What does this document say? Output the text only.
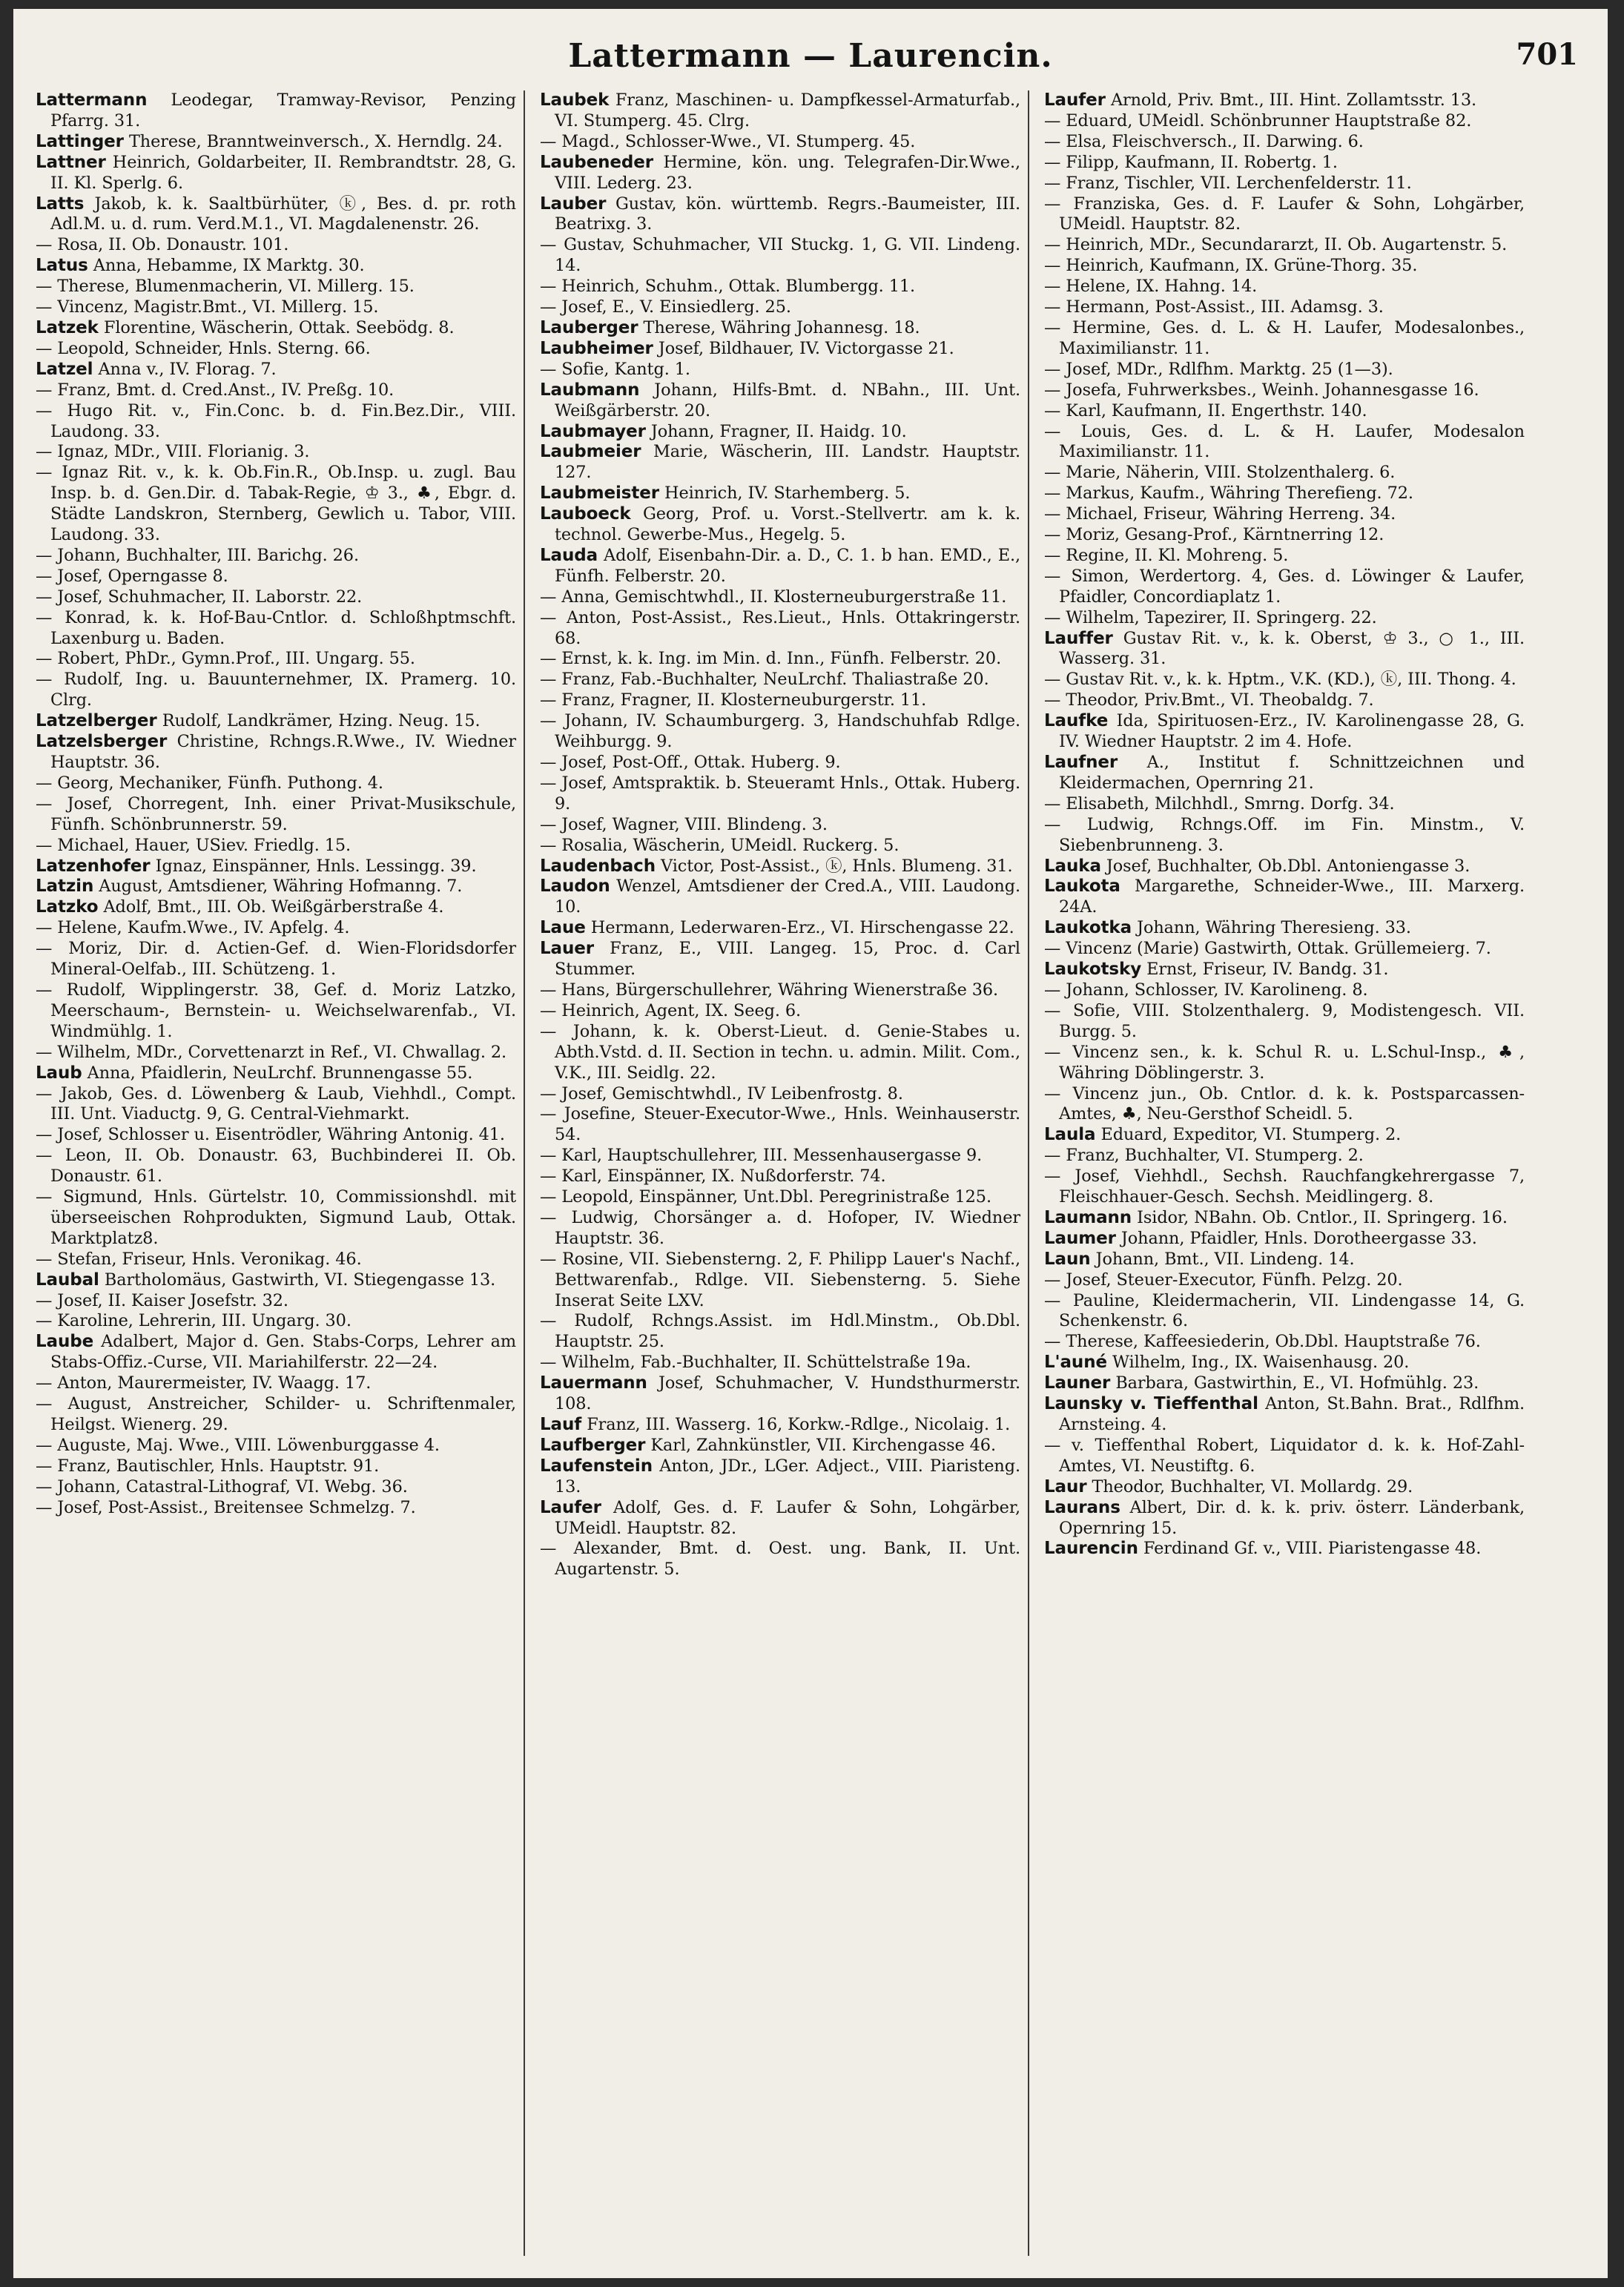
Lattermann — Laurencin.	701

Lattermann Leodegar, Tramway-Revisor, Penzing Pfarrg. 31.

Lattinger Therese, Branntweinversch., X. Herndlg. 24.

Lattner Heinrich, Goldarbeiter, II. Rembrandtstr. 28, G. II. Kl. Sperlg. 6.

Latts Jakob, k. k. Saaltbürhüter, ⓚ, Bes. d. pr. roth Adl.M. u. d. rum. Verd.M.1., VI. Magdalenenstr. 26.

— Rosa, II. Ob. Donaustr. 101.

Latus Anna, Hebamme, IX Marktg. 30.

— Therese, Blumenmacherin, VI. Millerg. 15.

— Vincenz, Magistr.Bmt., VI. Millerg. 15.

Latzek Florentine, Wäscherin, Ottak. Seebödg. 8.

— Leopold, Schneider, Hnls. Sterng. 66.

Latzel Anna v., IV. Florag. 7.

— Franz, Bmt. d. Cred.Anst., IV. Preßg. 10.

— Hugo Rit. v., Fin.Conc. b. d. Fin.Bez.Dir., VIII. Laudong. 33.

— Ignaz, MDr., VIII. Florianig. 3.

— Ignaz Rit. v., k. k. Ob.Fin.R., Ob.Insp. u. zugl. Bau Insp. b. d. Gen.Dir. d. Tabak-Regie, ♔ 3., ♣, Ebgr. d. Städte Landskron, Sternberg, Gewlich u. Tabor, VIII. Laudong. 33.

— Johann, Buchhalter, III. Barichg. 26.

— Josef, Operngasse 8.

— Josef, Schuhmacher, II. Laborstr. 22.

— Konrad, k. k. Hof-Bau-Cntlor. d. Schloßhptmschft. Laxenburg u. Baden.

— Robert, PhDr., Gymn.Prof., III. Ungarg. 55.

— Rudolf, Ing. u. Bauunternehmer, IX. Pramerg. 10. Clrg.

Latzelberger Rudolf, Landkrämer, Hzing. Neug. 15.

Latzelsberger Christine, Rchngs.R.Wwe., IV. Wiedner Hauptstr. 36.

— Georg, Mechaniker, Fünfh. Puthong. 4.

— Josef, Chorregent, Inh. einer Privat-Musikschule, Fünfh. Schönbrunnerstr. 59.

— Michael, Hauer, USiev. Friedlg. 15.

Latzenhofer Ignaz, Einspänner, Hnls. Lessingg. 39.

Latzin August, Amtsdiener, Währing Hofmanng. 7.

Latzko Adolf, Bmt., III. Ob. Weißgärberstraße 4.

— Helene, Kaufm.Wwe., IV. Apfelg. 4.

— Moriz, Dir. d. Actien-Gef. d. Wien-Floridsdorfer Mineral-Oelfab., III. Schützeng. 1.

— Rudolf, Wipplingerstr. 38, Gef. d. Moriz Latzko, Meerschaum-, Bernstein- u. Weichselwarenfab., VI. Windmühlg. 1.

— Wilhelm, MDr., Corvettenarzt in Ref., VI. Chwallag. 2.

Laub Anna, Pfaidlerin, NeuLrchf. Brunnengasse 55.

— Jakob, Ges. d. Löwenberg & Laub, Viehhdl., Compt. III. Unt. Viaductg. 9, G. Central-Viehmarkt.

— Josef, Schlosser u. Eisentrödler, Währing Antonig. 41.

— Leon, II. Ob. Donaustr. 63, Buchbinderei II. Ob. Donaustr. 61.

— Sigmund, Hnls. Gürtelstr. 10, Commissionshdl. mit überseeischen Rohprodukten, Sigmund Laub, Ottak. Marktplatz8.

— Stefan, Friseur, Hnls. Veronikag. 46.

Laubal Bartholomäus, Gastwirth, VI. Stiegengasse 13.

— Josef, II. Kaiser Josefstr. 32.

— Karoline, Lehrerin, III. Ungarg. 30.

Laube Adalbert, Major d. Gen. Stabs-Corps, Lehrer am Stabs-Offiz.-Curse, VII. Mariahilferstr. 22—24.

— Anton, Maurermeister, IV. Waagg. 17.

— August, Anstreicher, Schilder- u. Schriftenmaler, Heilgst. Wienerg. 29.

— Auguste, Maj. Wwe., VIII. Löwenburggasse 4.

— Franz, Bautischler, Hnls. Hauptstr. 91.

— Johann, Catastral-Lithograf, VI. Webg. 36.

— Josef, Post-Assist., Breitensee Schmelzg. 7.

Laubek Franz, Maschinen- u. Dampfkessel-Armaturfab., VI. Stumperg. 45. Clrg.

— Magd., Schlosser-Wwe., VI. Stumperg. 45.

Laubeneder Hermine, kön. ung. Telegrafen-Dir.Wwe., VIII. Lederg. 23.

Lauber Gustav, kön. württemb. Regrs.-Baumeister, III. Beatrixg. 3.

— Gustav, Schuhmacher, VII Stuckg. 1, G. VII. Lindeng. 14.

— Heinrich, Schuhm., Ottak. Blumbergg. 11.

— Josef, E., V. Einsiedlerg. 25.

Lauberger Therese, Währing Johannesg. 18.

Laubheimer Josef, Bildhauer, IV. Victorgasse 21.

— Sofie, Kantg. 1.

Laubmann Johann, Hilfs-Bmt. d. NBahn., III. Unt. Weißgärberstr. 20.

Laubmayer Johann, Fragner, II. Haidg. 10.

Laubmeier Marie, Wäscherin, III. Landstr. Hauptstr. 127.

Laubmeister Heinrich, IV. Starhemberg. 5.

Lauboeck Georg, Prof. u. Vorst.-Stellvertr. am k. k. technol. Gewerbe-Mus., Hegelg. 5.

Lauda Adolf, Eisenbahn-Dir. a. D., C. 1. b han. EMD., E., Fünfh. Felberstr. 20.

— Anna, Gemischtwhdl., II. Klosterneuburgerstraße 11.

— Anton, Post-Assist., Res.Lieut., Hnls. Ottakringerstr. 68.

— Ernst, k. k. Ing. im Min. d. Inn., Fünfh. Felberstr. 20.

— Franz, Fab.-Buchhalter, NeuLrchf. Thaliastraße 20.

— Franz, Fragner, II. Klosterneuburgerstr. 11.

— Johann, IV. Schaumburgerg. 3, Handschuhfab Rdlge. Weihburgg. 9.

— Josef, Post-Off., Ottak. Huberg. 9.

— Josef, Amtspraktik. b. Steueramt Hnls., Ottak. Huberg. 9.

— Josef, Wagner, VIII. Blindeng. 3.

— Rosalia, Wäscherin, UMeidl. Ruckerg. 5.

Laudenbach Victor, Post-Assist., ⓚ, Hnls. Blumeng. 31.

Laudon Wenzel, Amtsdiener der Cred.A., VIII. Laudong. 10.

Laue Hermann, Lederwaren-Erz., VI. Hirschengasse 22.

Lauer Franz, E., VIII. Langeg. 15, Proc. d. Carl Stummer.

— Hans, Bürgerschullehrer, Währing Wienerstraße 36.

— Heinrich, Agent, IX. Seeg. 6.

— Johann, k. k. Oberst-Lieut. d. Genie-Stabes u. Abth.Vstd. d. II. Section in techn. u. admin. Milit. Com., V.K., III. Seidlg. 22.

— Josef, Gemischtwhdl., IV Leibenfrostg. 8.

— Josefine, Steuer-Executor-Wwe., Hnls. Weinhauserstr. 54.

— Karl, Hauptschullehrer, III. Messenhausergasse 9.

— Karl, Einspänner, IX. Nußdorferstr. 74.

— Leopold, Einspänner, Unt.Dbl. Peregrinistraße 125.

— Ludwig, Chorsänger a. d. Hofoper, IV. Wiedner Hauptstr. 36.

— Rosine, VII. Siebensterng. 2, F. Philipp Lauer's Nachf., Bettwarenfab., Rdlge. VII. Siebensterng. 5. Siehe Inserat Seite LXV.

— Rudolf, Rchngs.Assist. im Hdl.Minstm., Ob.Dbl. Hauptstr. 25.

— Wilhelm, Fab.-Buchhalter, II. Schüttelstraße 19a.

Lauermann Josef, Schuhmacher, V. Hundsthurmerstr. 108.

Lauf Franz, III. Wasserg. 16, Korkw.-Rdlge., Nicolaig. 1.

Laufberger Karl, Zahnkünstler, VII. Kirchengasse 46.

Laufenstein Anton, JDr., LGer. Adject., VIII. Piaristeng. 13.

Laufer Adolf, Ges. d. F. Laufer & Sohn, Lohgärber, UMeidl. Hauptstr. 82.

— Alexander, Bmt. d. Oest. ung. Bank, II. Unt. Augartenstr. 5.

Laufer Arnold, Priv. Bmt., III. Hint. Zollamtsstr. 13.

— Eduard, UMeidl. Schönbrunner Hauptstraße 82.

— Elsa, Fleischversch., II. Darwing. 6.

— Filipp, Kaufmann, II. Robertg. 1.

— Franz, Tischler, VII. Lerchenfelderstr. 11.

— Franziska, Ges. d. F. Laufer & Sohn, Lohgärber, UMeidl. Hauptstr. 82.

— Heinrich, MDr., Secundararzt, II. Ob. Augartenstr. 5.

— Heinrich, Kaufmann, IX. Grüne-Thorg. 35.

— Helene, IX. Hahng. 14.

— Hermann, Post-Assist., III. Adamsg. 3.

— Hermine, Ges. d. L. & H. Laufer, Modesalonbes., Maximilianstr. 11.

— Josef, MDr., Rdlfhm. Marktg. 25 (1—3).

— Josefa, Fuhrwerksbes., Weinh. Johannesgasse 16.

— Karl, Kaufmann, II. Engerthstr. 140.

— Louis, Ges. d. L. & H. Laufer, Modesalon Maximilianstr. 11.

— Marie, Näherin, VIII. Stolzenthalerg. 6.

— Markus, Kaufm., Währing Therefieng. 72.

— Michael, Friseur, Währing Herreng. 34.

— Moriz, Gesang-Prof., Kärntnerring 12.

— Regine, II. Kl. Mohreng. 5.

— Simon, Werdertorg. 4, Ges. d. Löwinger & Laufer, Pfaidler, Concordiaplatz 1.

— Wilhelm, Tapezirer, II. Springerg. 22.

Lauffer Gustav Rit. v., k. k. Oberst, ♔ 3., ○ 1., III. Wasserg. 31.

— Gustav Rit. v., k. k. Hptm., V.K. (KD.), ⓚ, III. Thong. 4.

— Theodor, Priv.Bmt., VI. Theobaldg. 7.

Laufke Ida, Spirituosen-Erz., IV. Karolinengasse 28, G. IV. Wiedner Hauptstr. 2 im 4. Hofe.

Laufner A., Institut f. Schnittzeichnen und Kleidermachen, Opernring 21.

— Elisabeth, Milchhdl., Smrng. Dorfg. 34.

— Ludwig, Rchngs.Off. im Fin. Minstm., V. Siebenbrunneng. 3.

Lauka Josef, Buchhalter, Ob.Dbl. Antoniengasse 3.

Laukota Margarethe, Schneider-Wwe., III. Marxerg. 24A.

Laukotka Johann, Währing Theresieng. 33.

— Vincenz (Marie) Gastwirth, Ottak. Grüllemeierg. 7.

Laukotsky Ernst, Friseur, IV. Bandg. 31.

— Johann, Schlosser, IV. Karolineng. 8.

— Sofie, VIII. Stolzenthalerg. 9, Modistengesch. VII. Burgg. 5.

— Vincenz sen., k. k. Schul R. u. L.Schul-Insp., ♣, Währing Döblingerstr. 3.

— Vincenz jun., Ob. Cntlor. d. k. k. Postsparcassen-Amtes, ♣, Neu-Gersthof Scheidl. 5.

Laula Eduard, Expeditor, VI. Stumperg. 2.

— Franz, Buchhalter, VI. Stumperg. 2.

— Josef, Viehhdl., Sechsh. Rauchfangkehrergasse 7, Fleischhauer-Gesch. Sechsh. Meidlingerg. 8.

Laumann Isidor, NBahn. Ob. Cntlor., II. Springerg. 16.

Laumer Johann, Pfaidler, Hnls. Dorotheergasse 33.

Laun Johann, Bmt., VII. Lindeng. 14.

— Josef, Steuer-Executor, Fünfh. Pelzg. 20.

— Pauline, Kleidermacherin, VII. Lindengasse 14, G. Schenkenstr. 6.

— Therese, Kaffeesiederin, Ob.Dbl. Hauptstraße 76.

L'auné Wilhelm, Ing., IX. Waisenhausg. 20.

Launer Barbara, Gastwirthin, E., VI. Hofmühlg. 23.

Launsky v. Tieffenthal Anton, St.Bahn. Brat., Rdlfhm. Arnsteing. 4.

— v. Tieffenthal Robert, Liquidator d. k. k. Hof-Zahl-Amtes, VI. Neustiftg. 6.

Laur Theodor, Buchhalter, VI. Mollardg. 29.

Laurans Albert, Dir. d. k. k. priv. österr. Länderbank, Opernring 15.

Laurencin Ferdinand Gf. v., VIII. Piaristengasse 48.
